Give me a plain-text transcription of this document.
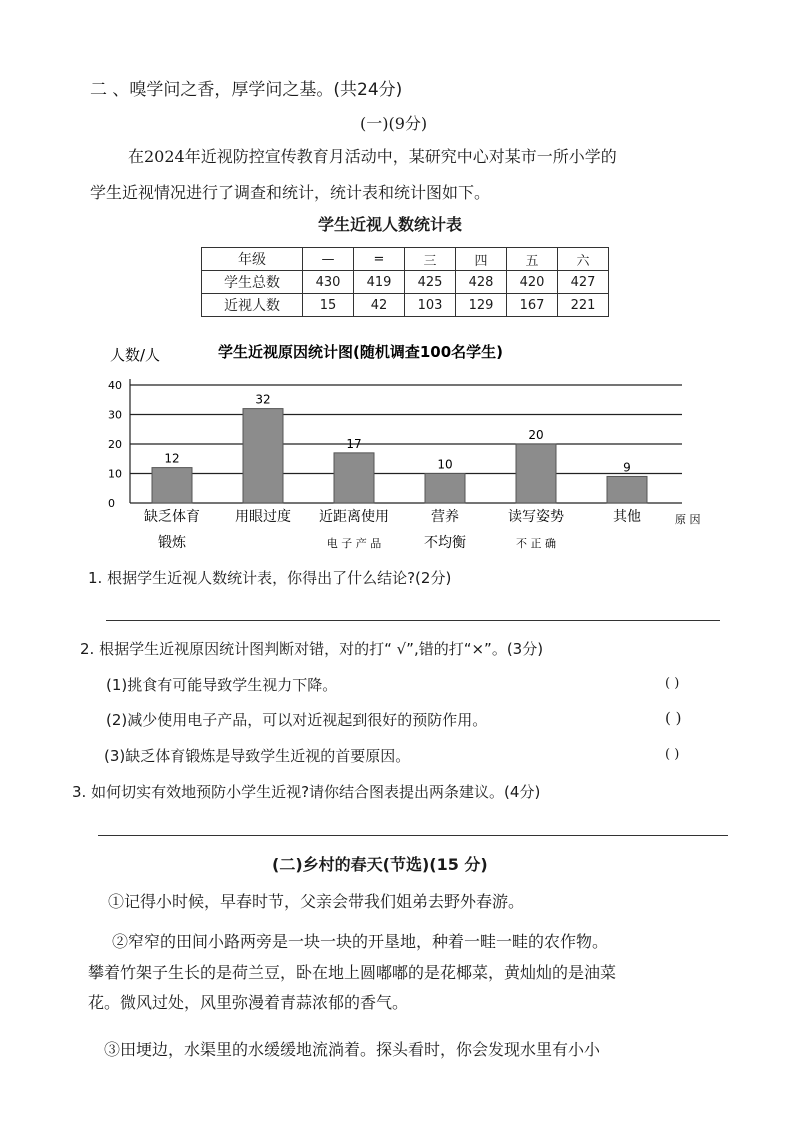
二 、嗅学问之香，厚学问之基。(共24分)
(一)(9分)
在2024年近视防控宣传教育月活动中，某研究中心对某市一所小学的
学生近视情况进行了调查和统计，统计表和统计图如下。
学生近视人数统计表
年级	—	=	三	四	五	六
学生总数	430	419	425	428	420	427
近视人数	15	42	103	129	167	221
人数/人	学生近视原因统计图(随机调查100名学生)
原 因
0
10
20
30
40
12
32
17
10
20
9
缺乏体育
锻炼
用眼过度 近距离使用
电 子 产 品
营养
不均衡
读写姿势
不 正 确
其他
1. 根据学生近视人数统计表，你得出了什么结论?(2分)
2. 根据学生近视原因统计图判断对错，对的打“ √”,错的打“×”。(3分)
(1)挑食有可能导致学生视力下降。	( )
(2)减少使用电子产品，可以对近视起到很好的预防作用。	( )
(3)缺乏体育锻炼是导致学生近视的首要原因。	( )
3. 如何切实有效地预防小学生近视?请你结合图表提出两条建议。(4分)
(二)乡村的春天(节选)(15 分)
①记得小时候，早春时节，父亲会带我们姐弟去野外春游。
②窄窄的田间小路两旁是一块一块的开垦地，种着一畦一畦的农作物。
攀着竹架子生长的是荷兰豆，卧在地上圆嘟嘟的是花椰菜，黄灿灿的是油菜
花。微风过处，风里弥漫着青蒜浓郁的香气。
③田埂边，水渠里的水缓缓地流淌着。探头看时，你会发现水里有小小
